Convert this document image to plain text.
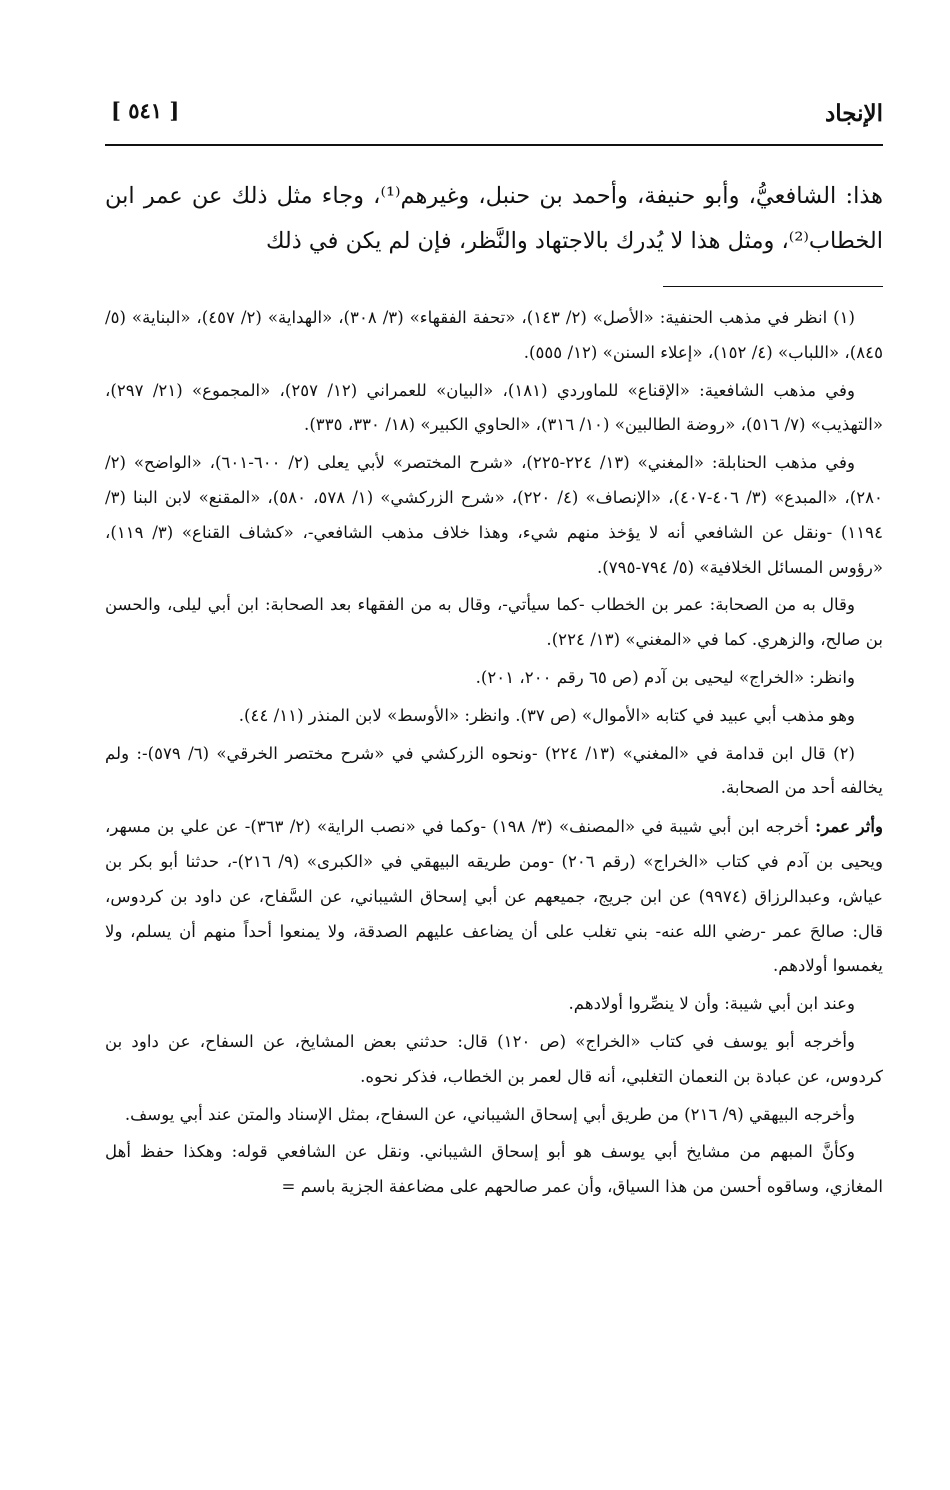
الإنجاد
[ ٥٤١ ]
هذا: الشافعيُّ، وأبو حنيفة، وأحمد بن حنبل، وغيرهم⁽¹⁾، وجاء مثل ذلك عن عمر ابن الخطاب⁽²⁾، ومثل هذا لا يُدرك بالاجتهاد والنَّظر، فإن لم يكن في ذلك

(١) انظر في مذهب الحنفية: «الأصل» (٢/ ١٤٣)، «تحفة الفقهاء» (٣/ ٣٠٨)، «الهداية» (٢/ ٤٥٧)، «البناية» (٥/ ٨٤٥)، «اللباب» (٤/ ١٥٢)، «إعلاء السنن» (١٢/ ٥٥٥).

وفي مذهب الشافعية: «الإقناع» للماوردي (١٨١)، «البيان» للعمراني (١٢/ ٢٥٧)، «المجموع» (٢١/ ٢٩٧)، «التهذيب» (٧/ ٥١٦)، «روضة الطالبين» (١٠/ ٣١٦)، «الحاوي الكبير» (١٨/ ٣٣٠، ٣٣٥).

وفي مذهب الحنابلة: «المغني» (١٣/ ٢٢٤-٢٢٥)، «شرح المختصر» لأبي يعلى (٢/ ٦٠٠-٦٠١)، «الواضح» (٢/ ٢٨٠)، «المبدع» (٣/ ٤٠٦-٤٠٧)، «الإنصاف» (٤/ ٢٢٠)، «شرح الزركشي» (١/ ٥٧٨، ٥٨٠)، «المقنع» لابن البنا (٣/ ١١٩٤) -ونقل عن الشافعي أنه لا يؤخذ منهم شيء، وهذا خلاف مذهب الشافعي-، «كشاف القناع» (٣/ ١١٩)، «رؤوس المسائل الخلافية» (٥/ ٧٩٤-٧٩٥).

وقال به من الصحابة: عمر بن الخطاب -كما سيأتي-، وقال به من الفقهاء بعد الصحابة: ابن أبي ليلى، والحسن بن صالح، والزهري. كما في «المغني» (١٣/ ٢٢٤).

وانظر: «الخراج» ليحيى بن آدم (ص ٦٥ رقم ٢٠٠، ٢٠١).

وهو مذهب أبي عبيد في كتابه «الأموال» (ص ٣٧). وانظر: «الأوسط» لابن المنذر (١١/ ٤٤).

(٢) قال ابن قدامة في «المغني» (١٣/ ٢٢٤) -ونحوه الزركشي في «شرح مختصر الخرقي» (٦/ ٥٧٩)-: ولم يخالفه أحد من الصحابة.

وأثر عمر: أخرجه ابن أبي شيبة في «المصنف» (٣/ ١٩٨) -وكما في «نصب الراية» (٢/ ٣٦٣)- عن علي بن مسهر، ويحيى بن آدم في كتاب «الخراج» (رقم ٢٠٦) -ومن طريقه البيهقي في «الكبرى» (٩/ ٢١٦)-، حدثنا أبو بكر بن عياش، وعبدالرزاق (٩٩٧٤) عن ابن جريج، جميعهم عن أبي إسحاق الشيباني، عن السَّفاح، عن داود بن كردوس، قال: صالحَ عمر -رضي الله عنه- بني تغلب على أن يضاعف عليهم الصدقة، ولا يمنعوا أحداً منهم أن يسلم، ولا يغمسوا أولادهم.

وعند ابن أبي شيبة: وأن لا ينصِّروا أولادهم.

وأخرجه أبو يوسف في كتاب «الخراج» (ص ١٢٠) قال: حدثني بعض المشايخ، عن السفاح، عن داود بن كردوس، عن عبادة بن النعمان التغلبي، أنه قال لعمر بن الخطاب، فذكر نحوه.

وأخرجه البيهقي (٩/ ٢١٦) من طريق أبي إسحاق الشيباني، عن السفاح، بمثل الإسناد والمتن عند أبي يوسف.

وكأنَّ المبهم من مشايخ أبي يوسف هو أبو إسحاق الشيباني. ونقل عن الشافعي قوله: وهكذا حفظ أهل المغازي، وساقوه أحسن من هذا السياق، وأن عمر صالحهم على مضاعفة الجزية باسم =
